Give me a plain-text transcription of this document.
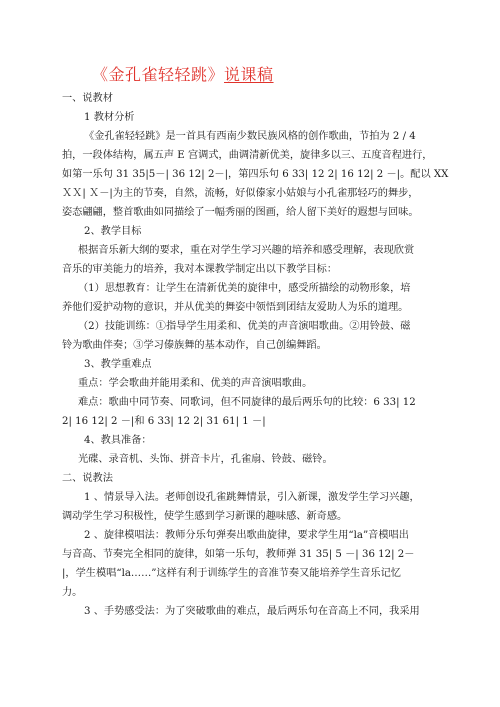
《金孔雀轻轻跳》说课稿
一、说教材
1 教材分析
《金孔雀轻轻跳》是一首具有西南少数民族风格的创作歌曲，节拍为 2 / 4
拍，一段体结构，属五声 E 宫调式，曲调清新优美，旋律多以三、五度音程进行，
如第一乐句 31 35|5－| 36 12| 2－|，第四乐句 6 33| 12 2| 16 12| 2 －|。配以 XX
ＸＸ| Ｘ－|为主的节奏，自然，流畅，好似傣家小姑娘与小孔雀那轻巧的舞步，
姿态翩翩，整首歌曲如同描绘了一幅秀丽的图画，给人留下美好的遐想与回味。
2、教学目标
根据音乐新大纲的要求，重在对学生学习兴趣的培养和感受理解，表现欣赏
音乐的审美能力的培养，我对本课教学制定出以下教学目标：
（1）思想教育：让学生在清新优美的旋律中，感受所描绘的动物形象，培
养他们爱护动物的意识，并从优美的舞姿中领悟到团结友爱助人为乐的道理。
（2）技能训练：①指导学生用柔和、优美的声音演唱歌曲。②用铃鼓、磁
铃为歌曲伴奏；③学习傣族舞的基本动作，自己创编舞蹈。
3、教学重难点
重点：学会歌曲并能用柔和、优美的声音演唱歌曲。
难点：歌曲中同节奏、同歌词，但不同旋律的最后两乐句的比较：6 33| 12
2| 16 12| 2 －|和 6 33| 12 2| 31 61| 1 －|
4、教具准备：
光碟、录音机、头饰、拼音卡片，孔雀扇、铃鼓、磁铃。
二、说教法
1 、情景导入法。老师创设孔雀跳舞情景，引入新课，激发学生学习兴趣，
调动学生学习积极性，使学生感到学习新课的趣味感、新奇感。
2 、旋律模唱法：教师分乐句弹奏出歌曲旋律，要求学生用“la”音模唱出
与音高、节奏完全相同的旋律，如第一乐句，教师弹 31 35| 5 －| 36 12| 2－
|，学生模唱“la……”这样有利于训练学生的音准节奏又能培养学生音乐记忆
力。
3 、手势感受法：为了突破歌曲的难点，最后两乐句在音高上不同，我采用
